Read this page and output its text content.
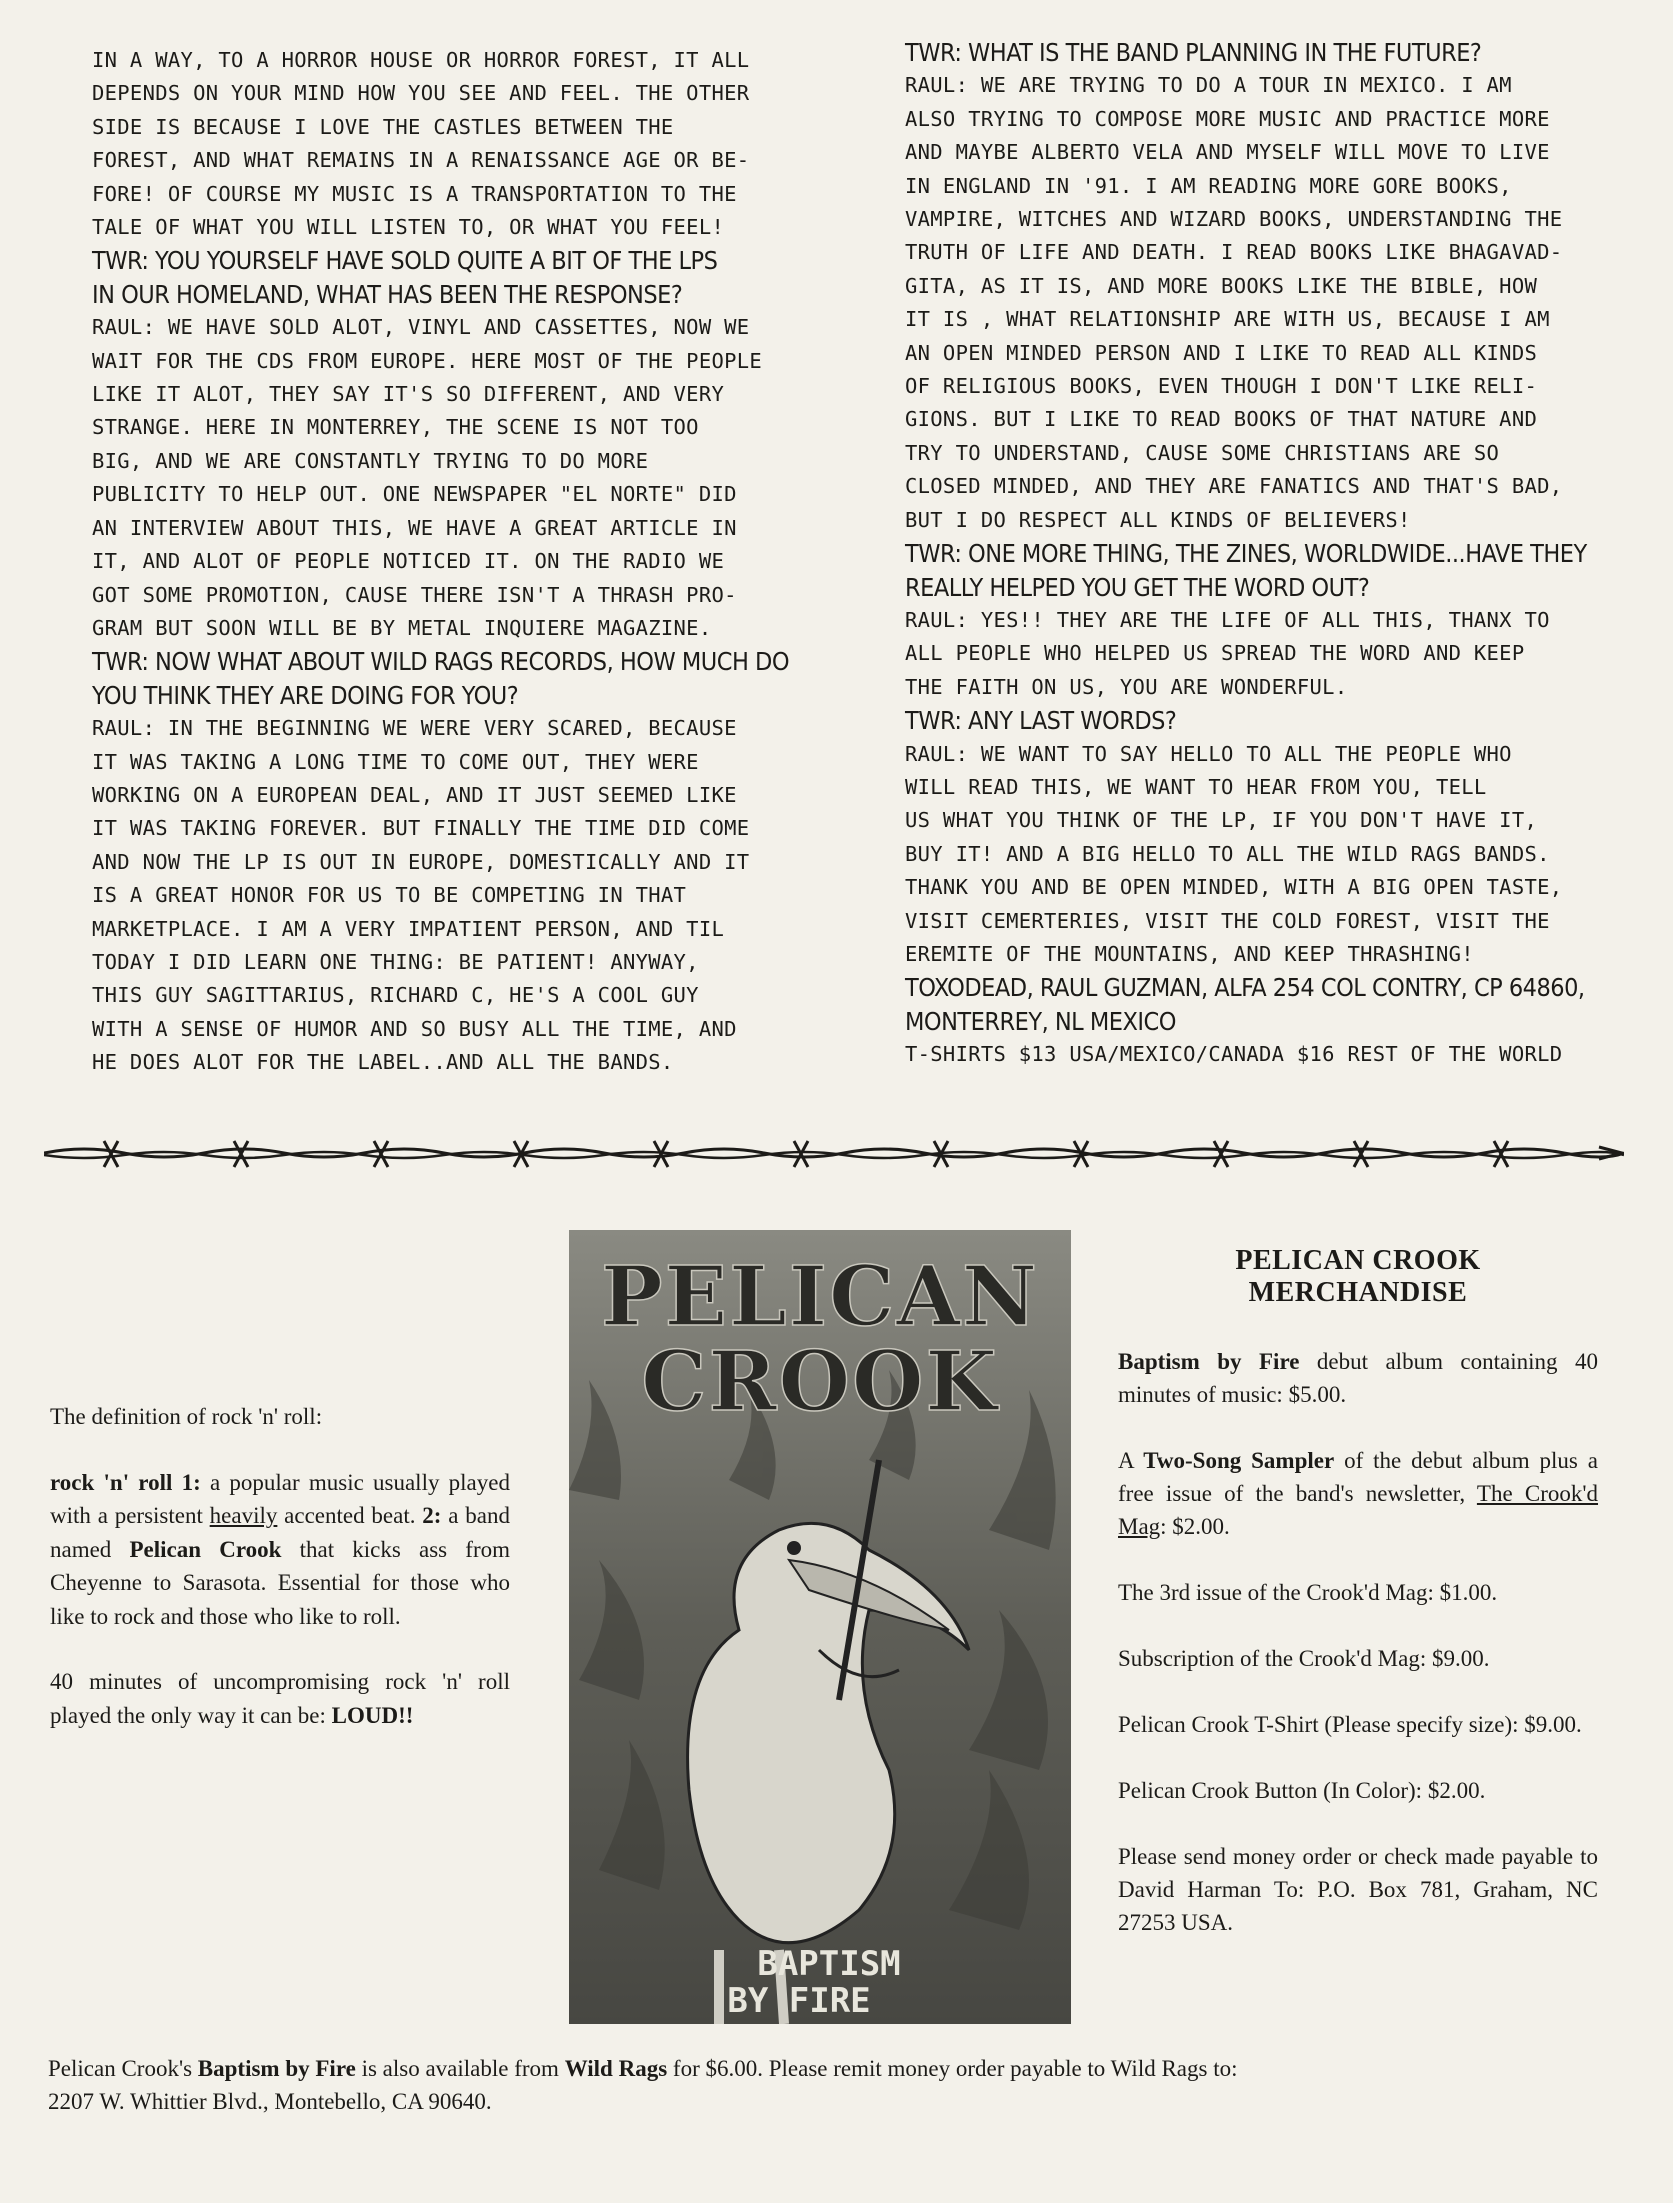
IN A WAY, TO A HORROR HOUSE OR HORROR FOREST, IT ALL

DEPENDS ON YOUR MIND HOW YOU SEE AND FEEL. THE OTHER

SIDE IS BECAUSE I LOVE THE CASTLES BETWEEN THE

FOREST, AND WHAT REMAINS IN A RENAISSANCE AGE OR BE-

FORE! OF COURSE MY MUSIC IS A TRANSPORTATION TO THE

TALE OF WHAT YOU WILL LISTEN TO, OR WHAT YOU FEEL!

TWR: YOU YOURSELF HAVE SOLD QUITE A BIT OF THE LPS

IN OUR HOMELAND, WHAT HAS BEEN THE RESPONSE?

RAUL: WE HAVE SOLD ALOT, VINYL AND CASSETTES, NOW WE

WAIT FOR THE CDS FROM EUROPE. HERE MOST OF THE PEOPLE

LIKE IT ALOT, THEY SAY IT'S SO DIFFERENT, AND VERY

STRANGE. HERE IN MONTERREY, THE SCENE IS NOT TOO

BIG, AND WE ARE CONSTANTLY TRYING TO DO MORE

PUBLICITY TO HELP OUT. ONE NEWSPAPER "EL NORTE" DID

AN INTERVIEW ABOUT THIS, WE HAVE A GREAT ARTICLE IN

IT, AND ALOT OF PEOPLE NOTICED IT. ON THE RADIO WE

GOT SOME PROMOTION, CAUSE THERE ISN'T A THRASH PRO-

GRAM BUT SOON WILL BE BY METAL INQUIERE MAGAZINE.

TWR: NOW WHAT ABOUT WILD RAGS RECORDS, HOW MUCH DO

YOU THINK THEY ARE DOING FOR YOU?

RAUL: IN THE BEGINNING WE WERE VERY SCARED, BECAUSE

IT WAS TAKING A LONG TIME TO COME OUT, THEY WERE

WORKING ON A EUROPEAN DEAL, AND IT JUST SEEMED LIKE

IT WAS TAKING FOREVER. BUT FINALLY THE TIME DID COME

AND NOW THE LP IS OUT IN EUROPE, DOMESTICALLY AND IT

IS A GREAT HONOR FOR US TO BE COMPETING IN THAT

MARKETPLACE. I AM A VERY IMPATIENT PERSON, AND TIL

TODAY I DID LEARN ONE THING: BE PATIENT! ANYWAY,

THIS GUY SAGITTARIUS, RICHARD C, HE'S A COOL GUY

WITH A SENSE OF HUMOR AND SO BUSY ALL THE TIME, AND

HE DOES ALOT FOR THE LABEL..AND ALL THE BANDS.

TWR: WHAT IS THE BAND PLANNING IN THE FUTURE?

RAUL: WE ARE TRYING TO DO A TOUR IN MEXICO. I AM

ALSO TRYING TO COMPOSE MORE MUSIC AND PRACTICE MORE

AND MAYBE ALBERTO VELA AND MYSELF WILL MOVE TO LIVE

IN ENGLAND IN '91. I AM READING MORE GORE BOOKS,

VAMPIRE, WITCHES AND WIZARD BOOKS, UNDERSTANDING THE

TRUTH OF LIFE AND DEATH. I READ BOOKS LIKE BHAGAVAD-

GITA, AS IT IS, AND MORE BOOKS LIKE THE BIBLE, HOW

IT IS , WHAT RELATIONSHIP ARE WITH US, BECAUSE I AM

AN OPEN MINDED PERSON AND I LIKE TO READ ALL KINDS

OF RELIGIOUS BOOKS, EVEN THOUGH I DON'T LIKE RELI-

GIONS. BUT I LIKE TO READ BOOKS OF THAT NATURE AND

TRY TO UNDERSTAND, CAUSE SOME CHRISTIANS ARE SO

CLOSED MINDED, AND THEY ARE FANATICS AND THAT'S BAD,

BUT I DO RESPECT ALL KINDS OF BELIEVERS!

TWR: ONE MORE THING, THE ZINES, WORLDWIDE...HAVE THEY

REALLY HELPED YOU GET THE WORD OUT?

RAUL: YES!! THEY ARE THE LIFE OF ALL THIS, THANX TO

ALL PEOPLE WHO HELPED US SPREAD THE WORD AND KEEP

THE FAITH ON US, YOU ARE WONDERFUL.

TWR: ANY LAST WORDS?

RAUL: WE WANT TO SAY HELLO TO ALL THE PEOPLE WHO

WILL READ THIS, WE WANT TO HEAR FROM YOU, TELL

US WHAT YOU THINK OF THE LP, IF YOU DON'T HAVE IT,

BUY IT! AND A BIG HELLO TO ALL THE WILD RAGS BANDS.

THANK YOU AND BE OPEN MINDED, WITH A BIG OPEN TASTE,

VISIT CEMERTERIES, VISIT THE COLD FOREST, VISIT THE

EREMITE OF THE MOUNTAINS, AND KEEP THRASHING!

TOXODEAD, RAUL GUZMAN, ALFA 254 COL CONTRY, CP 64860,

MONTERREY, NL MEXICO

T-SHIRTS $13 USA/MEXICO/CANADA $16 REST OF THE WORLD

PELICAN
CROOK
BAPTISM
BY FIRE

The definition of rock 'n' roll:

rock 'n' roll 1: a popular music usually played with a persistent heavily accented beat. 2: a band named Pelican Crook that kicks ass from Cheyenne to Sarasota. Essential for those who like to rock and those who like to roll.

40 minutes of uncompromising rock 'n' roll played the only way it can be: LOUD!!

PELICAN CROOK
MERCHANDISE

Baptism by Fire debut album containing 40 minutes of music: $5.00.

A Two-Song Sampler of the debut album plus a free issue of the band's newsletter, The Crook'd Mag: $2.00.

The 3rd issue of the Crook'd Mag: $1.00.

Subscription of the Crook'd Mag: $9.00.

Pelican Crook T-Shirt (Please specify size): $9.00.

Pelican Crook Button (In Color): $2.00.

Please send money order or check made payable to David Harman To: P.O. Box 781, Graham, NC 27253 USA.

Pelican Crook's Baptism by Fire is also available from Wild Rags for $6.00. Please remit money order payable to Wild Rags to:

2207 W. Whittier Blvd., Montebello, CA 90640.
